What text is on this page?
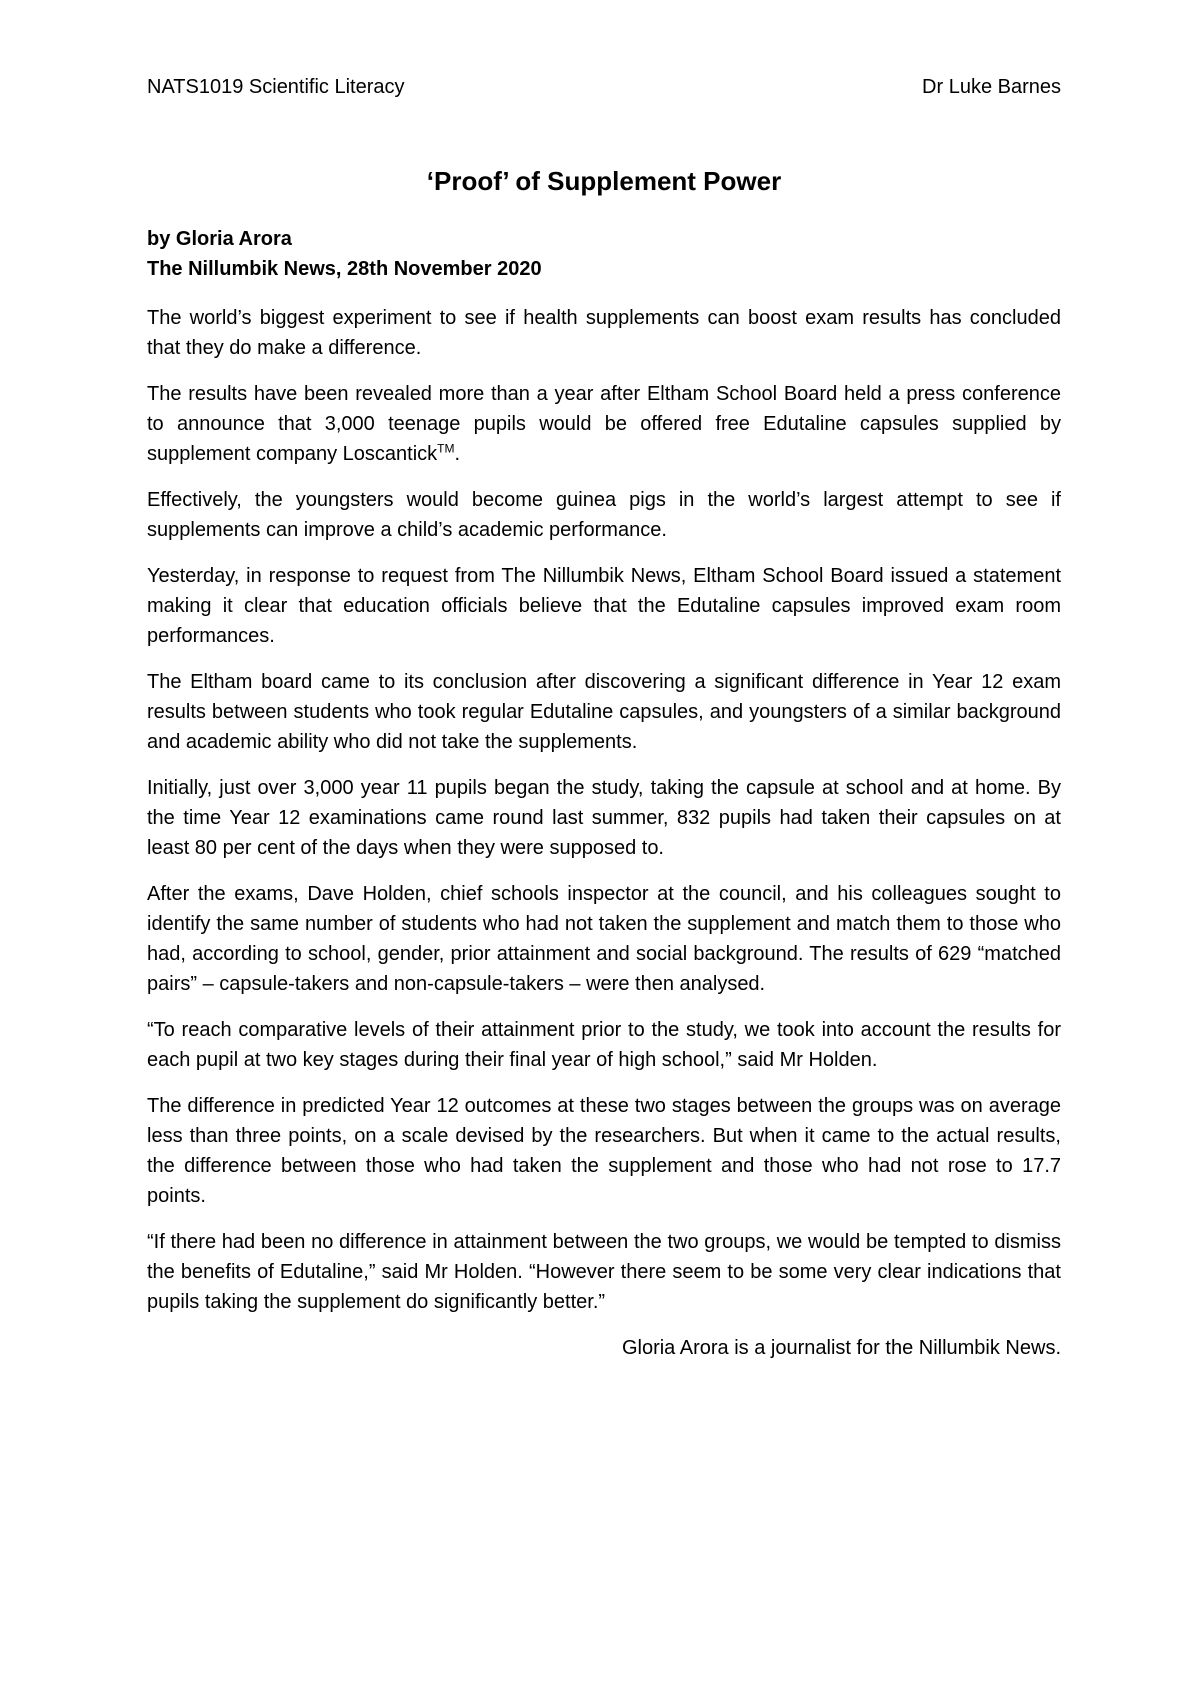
NATS1019 Scientific Literacy	Dr Luke Barnes
‘Proof’ of Supplement Power
by Gloria Arora
The Nillumbik News, 28th November 2020

The world’s biggest experiment to see if health supplements can boost exam results has concluded that they do make a difference.

The results have been revealed more than a year after Eltham School Board held a press conference to announce that 3,000 teenage pupils would be offered free Edutaline capsules supplied by supplement company Loscantick™.

Effectively, the youngsters would become guinea pigs in the world’s largest attempt to see if supplements can improve a child’s academic performance.

Yesterday, in response to request from The Nillumbik News, Eltham School Board issued a statement making it clear that education officials believe that the Edutaline capsules improved exam room performances.

The Eltham board came to its conclusion after discovering a significant difference in Year 12 exam results between students who took regular Edutaline capsules, and youngsters of a similar background and academic ability who did not take the supplements.

Initially, just over 3,000 year 11 pupils began the study, taking the capsule at school and at home. By the time Year 12 examinations came round last summer, 832 pupils had taken their capsules on at least 80 per cent of the days when they were supposed to.

After the exams, Dave Holden, chief schools inspector at the council, and his colleagues sought to identify the same number of students who had not taken the supplement and match them to those who had, according to school, gender, prior attainment and social background. The results of 629 “matched pairs” – capsule-takers and non-capsule-takers – were then analysed.

“To reach comparative levels of their attainment prior to the study, we took into account the results for each pupil at two key stages during their final year of high school,” said Mr Holden.

The difference in predicted Year 12 outcomes at these two stages between the groups was on average less than three points, on a scale devised by the researchers. But when it came to the actual results, the difference between those who had taken the supplement and those who had not rose to 17.7 points.

“If there had been no difference in attainment between the two groups, we would be tempted to dismiss the benefits of Edutaline,” said Mr Holden. “However there seem to be some very clear indications that pupils taking the supplement do significantly better.”

Gloria Arora is a journalist for the Nillumbik News.
